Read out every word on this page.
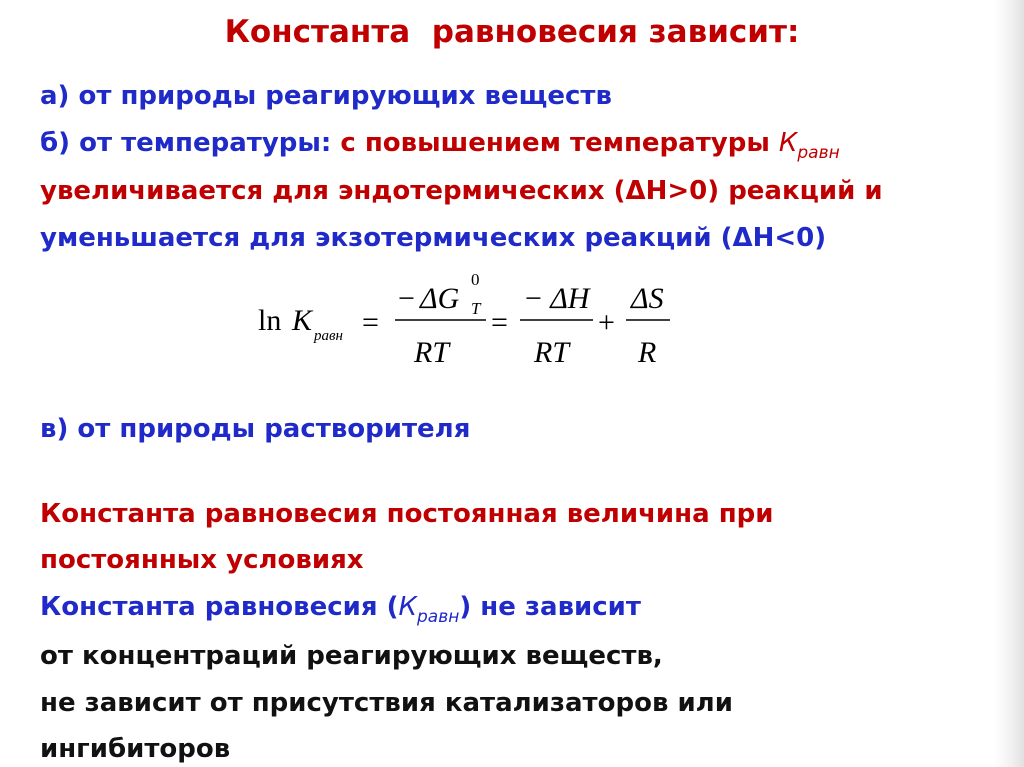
Константа  равновесия зависит:
а) от природы реагирующих веществ
б) от температуры: с повышением температуры $К_{равн}$
увеличивается для эндотермических (ΔH>0) реакций и
уменьшается для экзотермических реакций (ΔH<0)
ln K равн =
− ΔG
0
T
RT
=
− ΔH
RT
+
ΔS
R
в) от природы растворителя
Константа равновесия постоянная величина при
постоянных условиях
Константа равновесия $(К_{равн})$ не зависит
от концентраций реагирующих веществ,
не зависит от присутствия катализаторов или
ингибиторов
